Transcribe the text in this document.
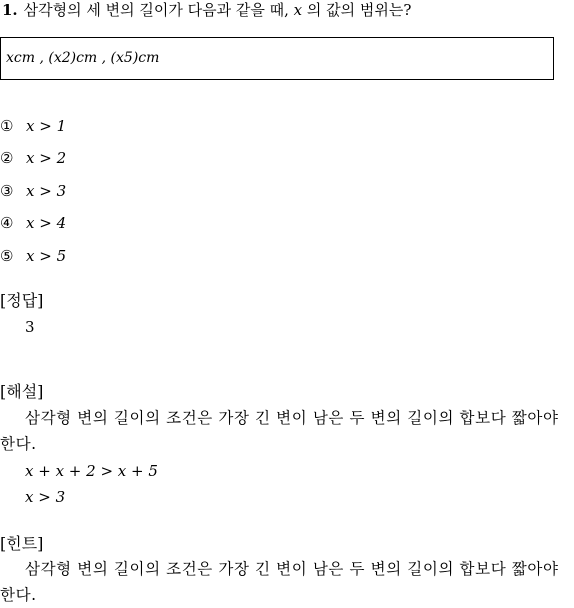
1. 삼각형의 세 변의 길이가 다음과 같을 때, x 의 값의 범위는?
xcm , (x2)cm , (x5)cm
① x > 1
② x > 2
③ x > 3
④ x > 4
⑤ x > 5
[정답]
3
[해설]
삼각형 변의 길이의 조건은 가장 긴 변이 남은 두 변의 길이의 합보다 짧아야 한다.
x + x + 2 > x + 5
x > 3
[힌트]
삼각형 변의 길이의 조건은 가장 긴 변이 남은 두 변의 길이의 합보다 짧아야 한다.
